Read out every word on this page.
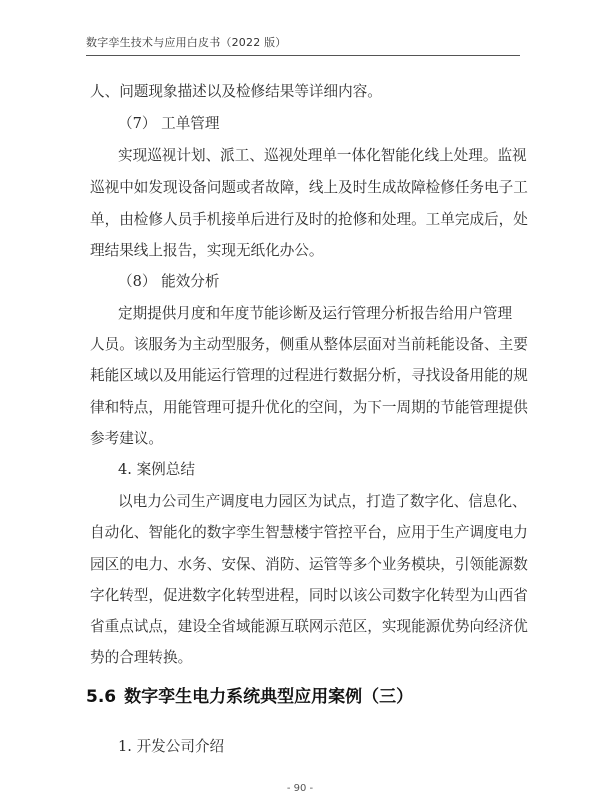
数字孪生技术与应用白皮书（2022 版）
人、问题现象描述以及检修结果等详细内容。
（7） 工单管理
实现巡视计划、派工、巡视处理单一体化智能化线上处理。监视
巡视中如发现设备问题或者故障，线上及时生成故障检修任务电子工
单，由检修人员手机接单后进行及时的抢修和处理。工单完成后，处
理结果线上报告，实现无纸化办公。
（8） 能效分析
定期提供月度和年度节能诊断及运行管理分析报告给用户管理
人员。该服务为主动型服务，侧重从整体层面对当前耗能设备、主要
耗能区域以及用能运行管理的过程进行数据分析，寻找设备用能的规
律和特点，用能管理可提升优化的空间，为下一周期的节能管理提供
参考建议。
4. 案例总结
以电力公司生产调度电力园区为试点，打造了数字化、信息化、
自动化、智能化的数字孪生智慧楼宇管控平台，应用于生产调度电力
园区的电力、水务、安保、消防、运管等多个业务模块，引领能源数
字化转型，促进数字化转型进程，同时以该公司数字化转型为山西省
省重点试点，建设全省域能源互联网示范区，实现能源优势向经济优
势的合理转换。
5.6 数字孪生电力系统典型应用案例（三）
1. 开发公司介绍
- 90 -
